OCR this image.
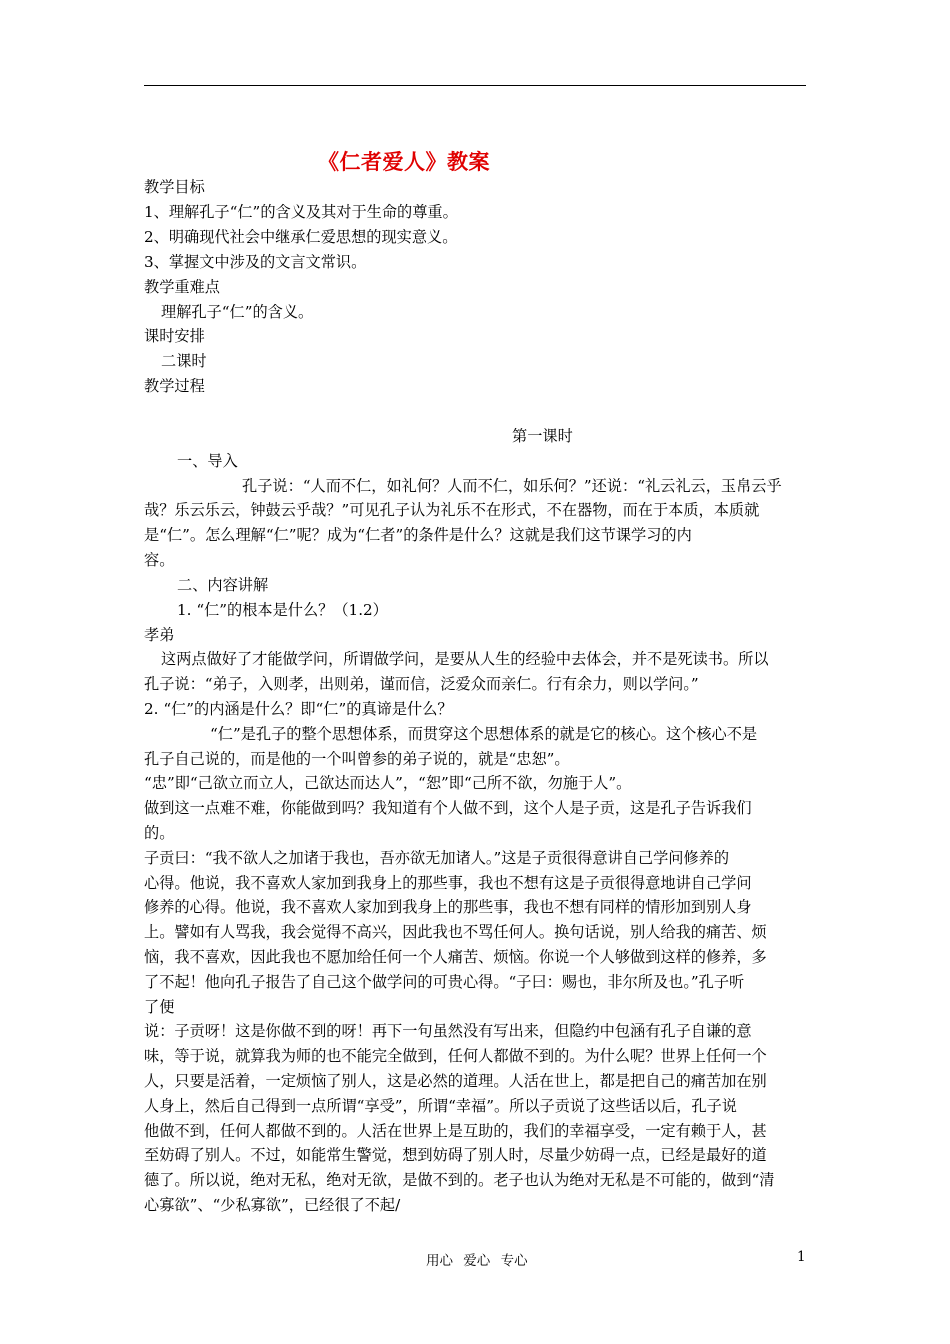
《仁者爱人》教案
教学目标
1、理解孔子“仁”的含义及其对于生命的尊重。
2、明确现代社会中继承仁爱思想的现实意义。
3、掌握文中涉及的文言文常识。
教学重难点
理解孔子“仁”的含义。
课时安排
二课时
教学过程
第一课时
一、导入
孔子说：“人而不仁，如礼何？人而不仁，如乐何？”还说：“礼云礼云，玉帛云乎
哉？乐云乐云，钟鼓云乎哉？”可见孔子认为礼乐不在形式，不在器物，而在于本质，本质就
是“仁”。怎么理解“仁”呢？成为“仁者”的条件是什么？这就是我们这节课学习的内
容。
二、内容讲解
1. “仁”的根本是什么？（1.2）
孝弟
这两点做好了才能做学问，所谓做学问，是要从人生的经验中去体会，并不是死读书。所以
孔子说：“弟子，入则孝，出则弟，谨而信，泛爱众而亲仁。行有余力，则以学问。”
2. “仁”的内涵是什么？即“仁”的真谛是什么？
“仁”是孔子的整个思想体系，而贯穿这个思想体系的就是它的核心。这个核心不是
孔子自己说的，而是他的一个叫曾参的弟子说的，就是“忠恕”。
“忠”即“己欲立而立人，己欲达而达人”，“恕”即“己所不欲，勿施于人”。
做到这一点难不难，你能做到吗？我知道有个人做不到，这个人是子贡，这是孔子告诉我们
的。
子贡曰：“我不欲人之加诸于我也，吾亦欲无加诸人。”这是子贡很得意讲自己学问修养的
心得。他说，我不喜欢人家加到我身上的那些事，我也不想有这是子贡很得意地讲自己学问
修养的心得。他说，我不喜欢人家加到我身上的那些事，我也不想有同样的情形加到别人身
上。譬如有人骂我，我会觉得不高兴，因此我也不骂任何人。换句话说，别人给我的痛苦、烦
恼，我不喜欢，因此我也不愿加给任何一个人痛苦、烦恼。你说一个人够做到这样的修养，多
了不起！他向孔子报告了自己这个做学问的可贵心得。“子曰：赐也，非尔所及也。”孔子听
了便
说：子贡呀！这是你做不到的呀！再下一句虽然没有写出来，但隐约中包涵有孔子自谦的意
味，等于说，就算我为师的也不能完全做到，任何人都做不到的。为什么呢？世界上任何一个
人，只要是活着，一定烦恼了别人，这是必然的道理。人活在世上，都是把自己的痛苦加在别
人身上，然后自己得到一点所谓“享受”，所谓“幸福”。所以子贡说了这些话以后，孔子说
他做不到，任何人都做不到的。人活在世界上是互助的，我们的幸福享受，一定有赖于人，甚
至妨碍了别人。不过，如能常生警觉，想到妨碍了别人时，尽量少妨碍一点，已经是最好的道
德了。所以说，绝对无私，绝对无欲，是做不到的。老子也认为绝对无私是不可能的，做到“清
心寡欲”、“少私寡欲”，已经很了不起/
用心 爱心 专心	1
